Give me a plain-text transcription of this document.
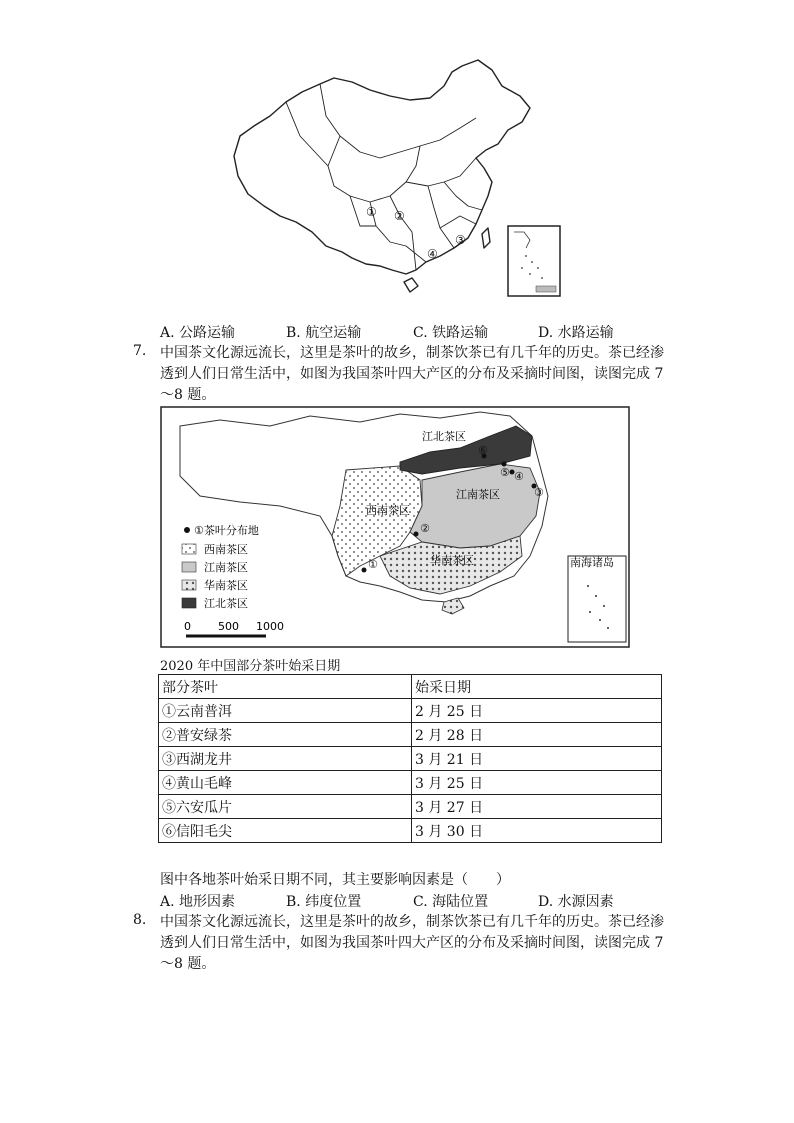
① ②
③
④
A. 公路运输	B. 航空运输	C. 铁路运输	D. 水路运输
7. 中国茶文化源远流长，这里是茶叶的故乡，制茶饮茶已有几千年的历史。茶已经渗透到人们日常生活中，如图为我国茶叶四大产区的分布及采摘时间图，读图完成 7～8 题。
南海诸岛
江北茶区
西南茶区
江南茶区
华南茶区
①
②
③
④
⑤
⑥
①茶叶分布地
西南茶区
江南茶区
华南茶区
江北茶区
0 500 1000
2020 年中国部分茶叶始采日期
部分茶叶	始采日期
①云南普洱	2 月 25 日
②普安绿茶	2 月 28 日
③西湖龙井	3 月 21 日
④黄山毛峰	3 月 25 日
⑤六安瓜片	3 月 27 日
⑥信阳毛尖	3 月 30 日
图中各地茶叶始采日期不同，其主要影响因素是（　　）
A. 地形因素	B. 纬度位置	C. 海陆位置	D. 水源因素
8. 中国茶文化源远流长，这里是茶叶的故乡，制茶饮茶已有几千年的历史。茶已经渗透到人们日常生活中，如图为我国茶叶四大产区的分布及采摘时间图，读图完成 7～8 题。
